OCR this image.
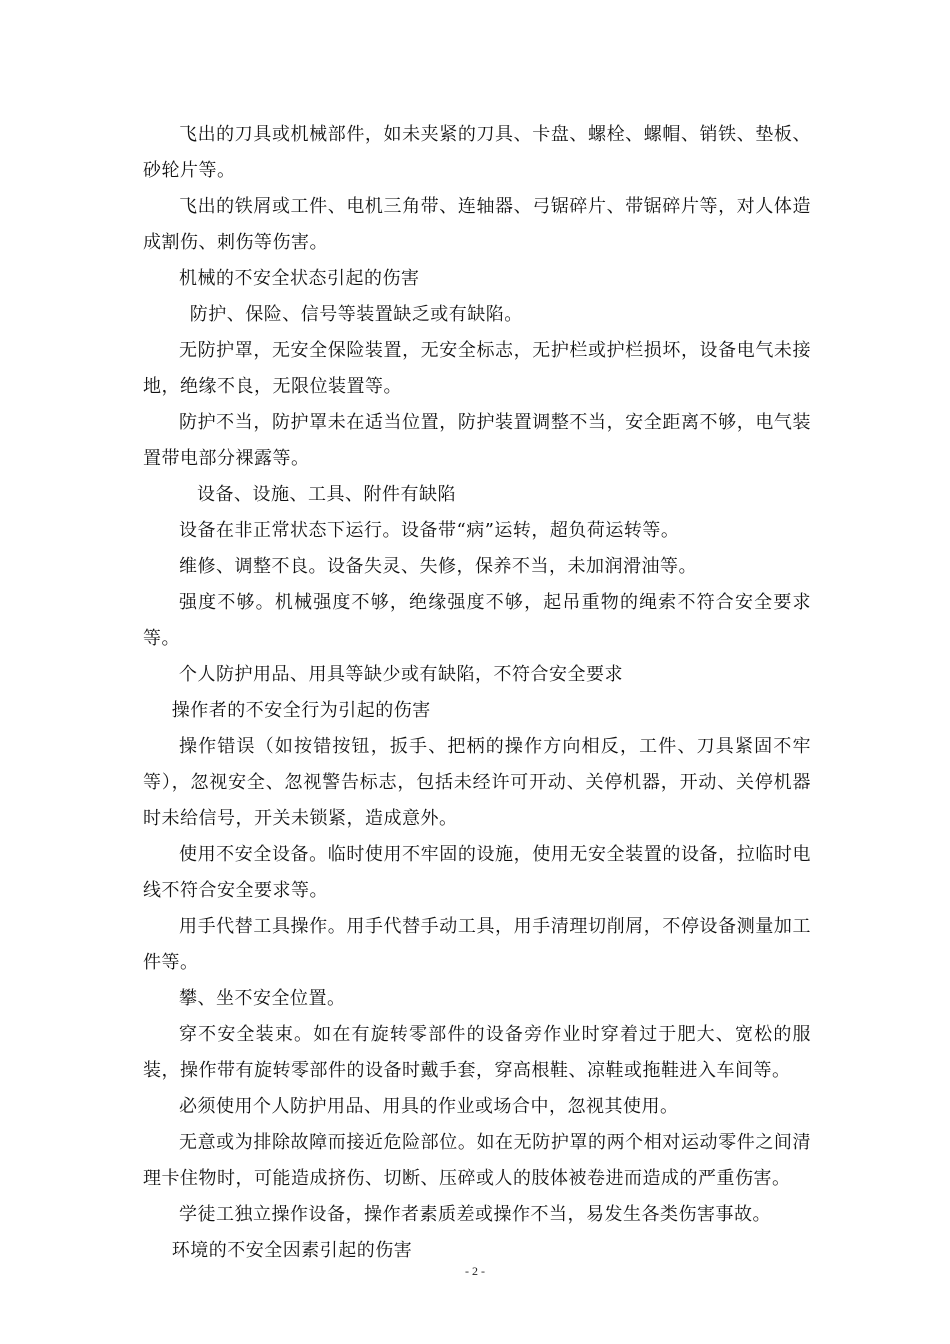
飞出的刀具或机械部件，如未夹紧的刀具、卡盘、螺栓、螺帽、销铁、垫板、砂轮片等。

飞出的铁屑或工件、电机三角带、连轴器、弓锯碎片、带锯碎片等，对人体造成割伤、刺伤等伤害。

机械的不安全状态引起的伤害

防护、保险、信号等装置缺乏或有缺陷。

无防护罩，无安全保险装置，无安全标志，无护栏或护栏损坏，设备电气未接地，绝缘不良，无限位装置等。

防护不当，防护罩未在适当位置，防护装置调整不当，安全距离不够，电气装置带电部分裸露等。

设备、设施、工具、附件有缺陷

设备在非正常状态下运行。设备带“病”运转，超负荷运转等。

维修、调整不良。设备失灵、失修，保养不当，未加润滑油等。

强度不够。机械强度不够，绝缘强度不够，起吊重物的绳索不符合安全要求等。

个人防护用品、用具等缺少或有缺陷，不符合安全要求

操作者的不安全行为引起的伤害

操作错误（如按错按钮，扳手、把柄的操作方向相反，工件、刀具紧固不牢等），忽视安全、忽视警告标志，包括未经许可开动、关停机器，开动、关停机器时未给信号，开关未锁紧，造成意外。

使用不安全设备。临时使用不牢固的设施，使用无安全装置的设备，拉临时电线不符合安全要求等。

用手代替工具操作。用手代替手动工具，用手清理切削屑，不停设备测量加工件等。

攀、坐不安全位置。

穿不安全装束。如在有旋转零部件的设备旁作业时穿着过于肥大、宽松的服装，操作带有旋转零部件的设备时戴手套，穿高根鞋、凉鞋或拖鞋进入车间等。

必须使用个人防护用品、用具的作业或场合中，忽视其使用。

无意或为排除故障而接近危险部位。如在无防护罩的两个相对运动零件之间清理卡住物时，可能造成挤伤、切断、压碎或人的肢体被卷进而造成的严重伤害。

学徒工独立操作设备，操作者素质差或操作不当，易发生各类伤害事故。

环境的不安全因素引起的伤害

- 2 -
